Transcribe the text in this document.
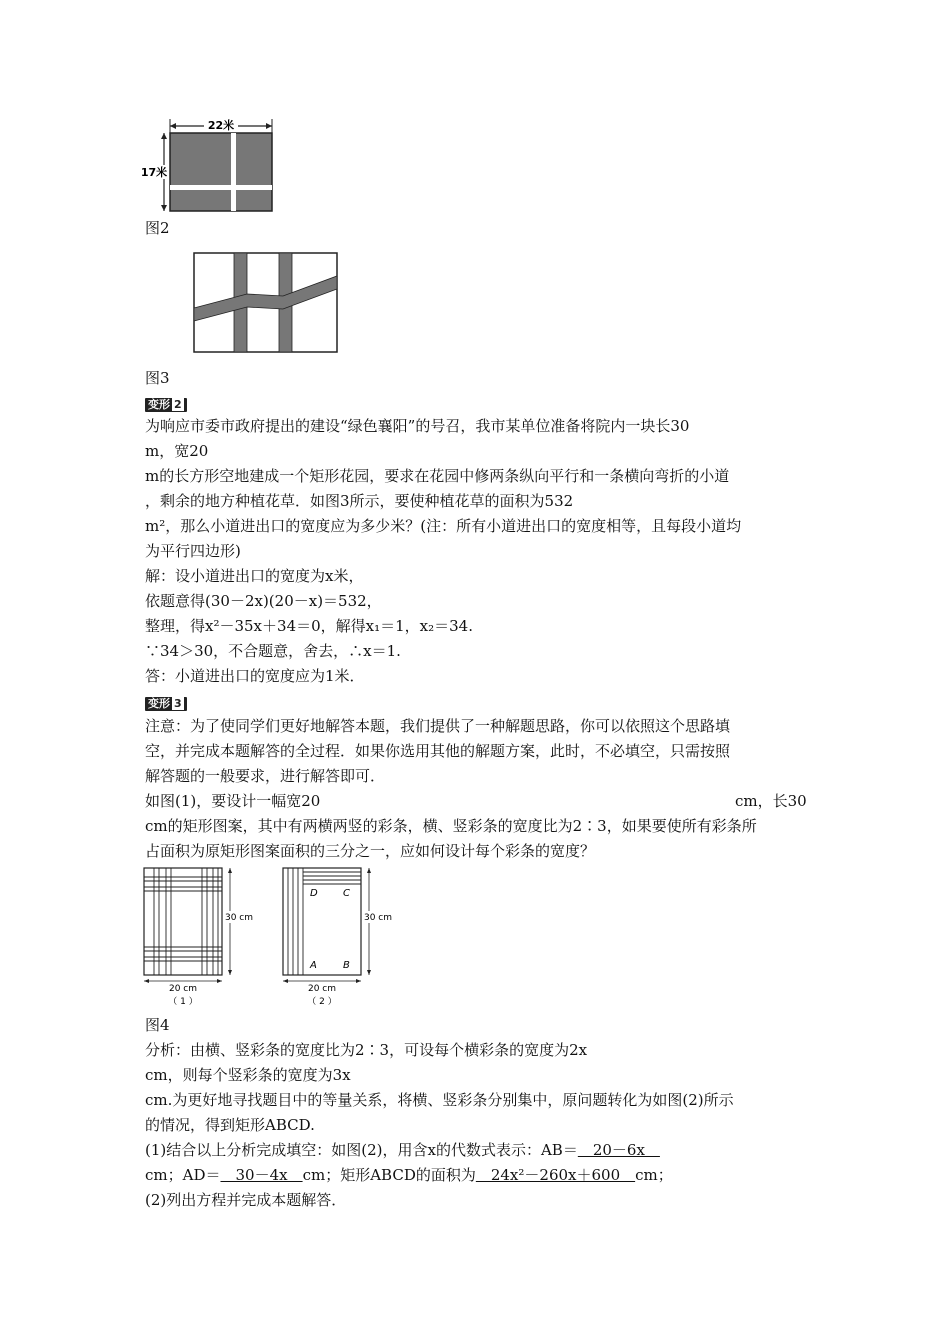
22米
17米
图2
图3
变形 2
为响应市委市政府提出的建设“绿色襄阳”的号召，我市某单位准备将院内一块长30
m，宽20
m的长方形空地建成一个矩形花园，要求在花园中修两条纵向平行和一条横向弯折的小道
，剩余的地方种植花草．如图3所示，要使种植花草的面积为532
m²，那么小道进出口的宽度应为多少米？(注：所有小道进出口的宽度相等，且每段小道均
为平行四边形)
解：设小道进出口的宽度为x米，
依题意得(30－2x)(20－x)＝532，
整理，得x²－35x＋34＝0，解得x₁＝1，x₂＝34.
∵34＞30，不合题意，舍去，∴x＝1.
答：小道进出口的宽度应为1米．
变形 3
注意：为了使同学们更好地解答本题，我们提供了一种解题思路，你可以依照这个思路填
空，并完成本题解答的全过程．如果你选用其他的解题方案，此时，不必填空，只需按照
解答题的一般要求，进行解答即可．
如图(1)，要设计一幅宽20	cm，长30
cm的矩形图案，其中有两横两竖的彩条，横、竖彩条的宽度比为2∶3，如果要使所有彩条所
占面积为原矩形图案面积的三分之一，应如何设计每个彩条的宽度？
30 cm
20 cm
（ 1 ）
D	C
A	B
30 cm
20 cm
（ 2 ）
图4
分析：由横、竖彩条的宽度比为2∶3，可设每个横彩条的宽度为2x
cm，则每个竖彩条的宽度为3x
cm.为更好地寻找题目中的等量关系，将横、竖彩条分别集中，原问题转化为如图(2)所示
的情况，得到矩形ABCD.
(1)结合以上分析完成填空：如图(2)，用含x的代数式表示：AB＝　20－6x　
cm；AD＝　30－4x　cm；矩形ABCD的面积为　24x²－260x＋600　cm；
(2)列出方程并完成本题解答．
